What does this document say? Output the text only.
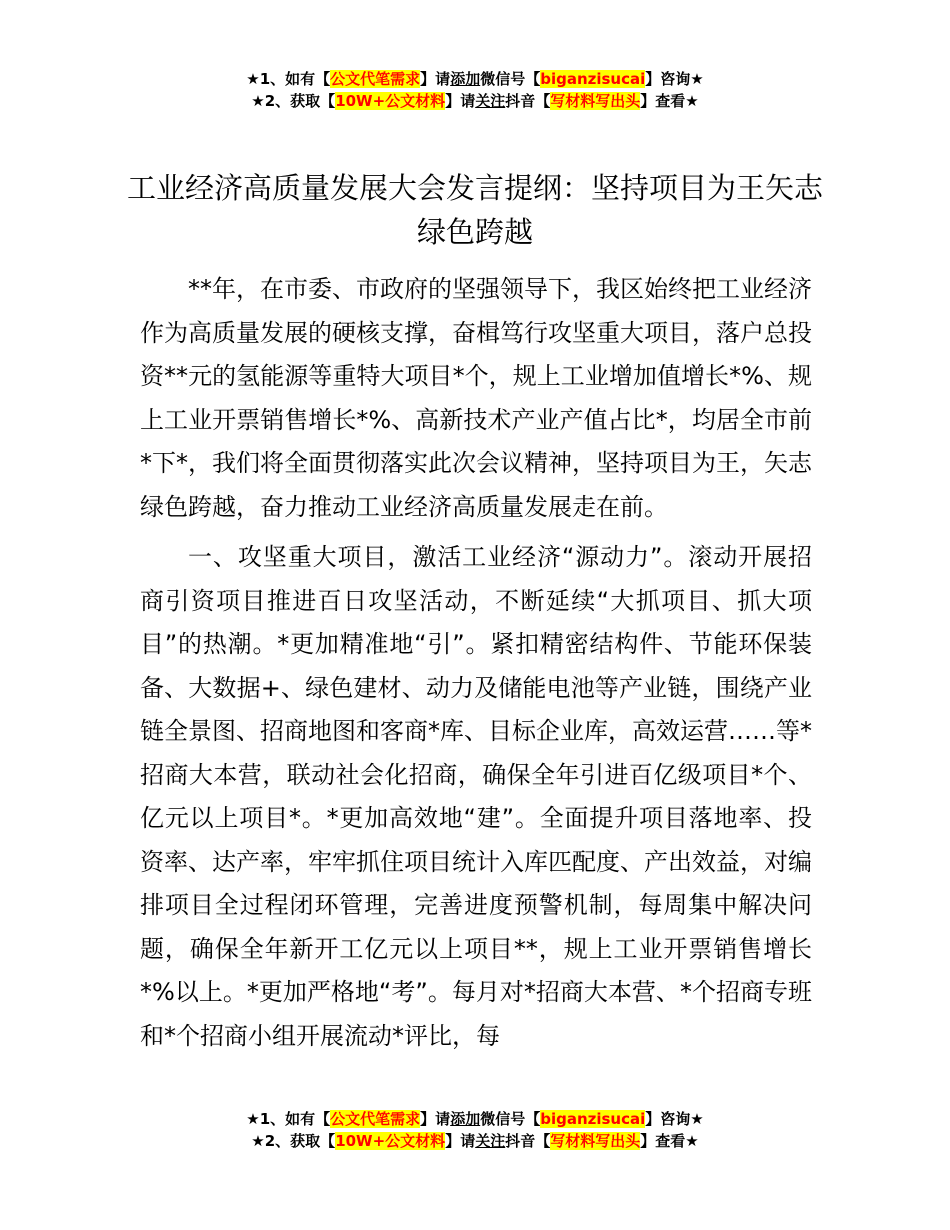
★1、如有【公文代笔需求】请添加微信号【biganzisucai】咨询★
★2、获取【10W+公文材料】请关注抖音【写材料写出头】查看★
工业经济高质量发展大会发言提纲：坚持项目为王矢志绿色跨越

**年，在市委、市政府的坚强领导下，我区始终把工业经济作为高质量发展的硬核支撑，奋楫笃行攻坚重大项目，落户总投资**元的氢能源等重特大项目*个，规上工业增加值增长*%、规上工业开票销售增长*%、高新技术产业产值占比*，均居全市前*下*，我们将全面贯彻落实此次会议精神，坚持项目为王，矢志绿色跨越，奋力推动工业经济高质量发展走在前。

一、攻坚重大项目，激活工业经济“源动力”。滚动开展招商引资项目推进百日攻坚活动，不断延续“大抓项目、抓大项目”的热潮。*更加精准地“引”。紧扣精密结构件、节能环保装备、大数据+、绿色建材、动力及储能电池等产业链，围绕产业链全景图、招商地图和客商*库、目标企业库，高效运营……等*招商大本营，联动社会化招商，确保全年引进百亿级项目*个、亿元以上项目*。*更加高效地“建”。全面提升项目落地率、投资率、达产率，牢牢抓住项目统计入库匹配度、产出效益，对编排项目全过程闭环管理，完善进度预警机制，每周集中解决问题，确保全年新开工亿元以上项目**，规上工业开票销售增长*%以上。*更加严格地“考”。每月对*招商大本营、*个招商专班和*个招商小组开展流动*评比，每

★1、如有【公文代笔需求】请添加微信号【biganzisucai】咨询★
★2、获取【10W+公文材料】请关注抖音【写材料写出头】查看★
